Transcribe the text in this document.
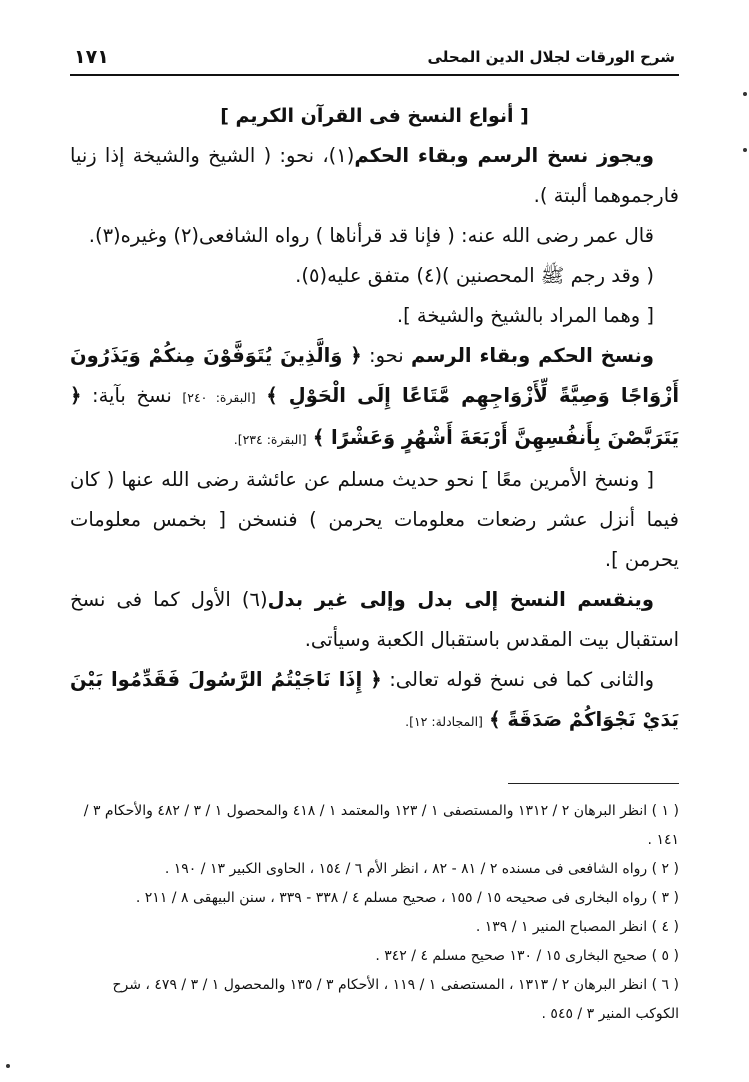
١٧١	شرح الورقات لجلال الدين المحلى

[ أنواع النسخ فى القرآن الكريم ]

ويجوز نسخ الرسم وبقاء الحكم(١)، نحو: ( الشيخ والشيخة إذا زنيا فارجموهما ألبتة ).

قال عمر رضى الله عنه: ( فإنا قد قرأناها ) رواه الشافعى(٢) وغيره(٣).

( وقد رجم ﷺ المحصنين )(٤) متفق عليه(٥).

[ وهما المراد بالشيخ والشيخة ].

ونسخ الحكم وبقاء الرسم نحو: ﴿ وَالَّذِينَ يُتَوَفَّوْنَ مِنكُمْ وَيَذَرُونَ أَزْوَاجًا وَصِيَّةً لِّأَزْوَاجِهِم مَّتَاعًا إِلَى الْحَوْلِ ﴾ [البقرة: ٢٤٠] نسخ بآية: ﴿ يَتَرَبَّصْنَ بِأَنفُسِهِنَّ أَرْبَعَةَ أَشْهُرٍ وَعَشْرًا ﴾ [البقرة: ٢٣٤].

[ ونسخ الأمرين معًا ] نحو حديث مسلم عن عائشة رضى الله عنها ( كان فيما أنزل عشر رضعات معلومات يحرمن ) فنسخن [ بخمس معلومات يحرمن ].

وينقسم النسخ إلى بدل وإلى غير بدل(٦) الأول كما فى نسخ استقبال بيت المقدس باستقبال الكعبة وسيأتى.

والثانى كما فى نسخ قوله تعالى: ﴿ إِذَا نَاجَيْتُمُ الرَّسُولَ فَقَدِّمُوا بَيْنَ يَدَيْ نَجْوَاكُمْ صَدَقَةً ﴾ [المجادلة: ١٢].

( ١ ) انظر البرهان ٢ / ١٣١٢ والمستصفى ١ / ١٢٣ والمعتمد ١ / ٤١٨ والمحصول ١ / ٣ / ٤٨٢ والأحكام ٣ / ١٤١ .

( ٢ ) رواه الشافعى فى مسنده ٢ / ٨١ - ٨٢ ، انظر الأم ٦ / ١٥٤ ، الحاوى الكبير ١٣ / ١٩٠ .

( ٣ ) رواه البخارى فى صحيحه ١٥ / ١٥٥ ، صحيح مسلم ٤ / ٣٣٨ - ٣٣٩ ، سنن البيهقى ٨ / ٢١١ .

( ٤ ) انظر المصباح المنير ١ / ١٣٩ .

( ٥ ) صحيح البخارى ١٥ / ١٣٠ صحيح مسلم ٤ / ٣٤٢ .

( ٦ ) انظر البرهان ٢ / ١٣١٣ ، المستصفى ١ / ١١٩ ، الأحكام ٣ / ١٣٥ والمحصول ١ / ٣ / ٤٧٩ ، شرح الكوكب المنير ٣ / ٥٤٥ .
